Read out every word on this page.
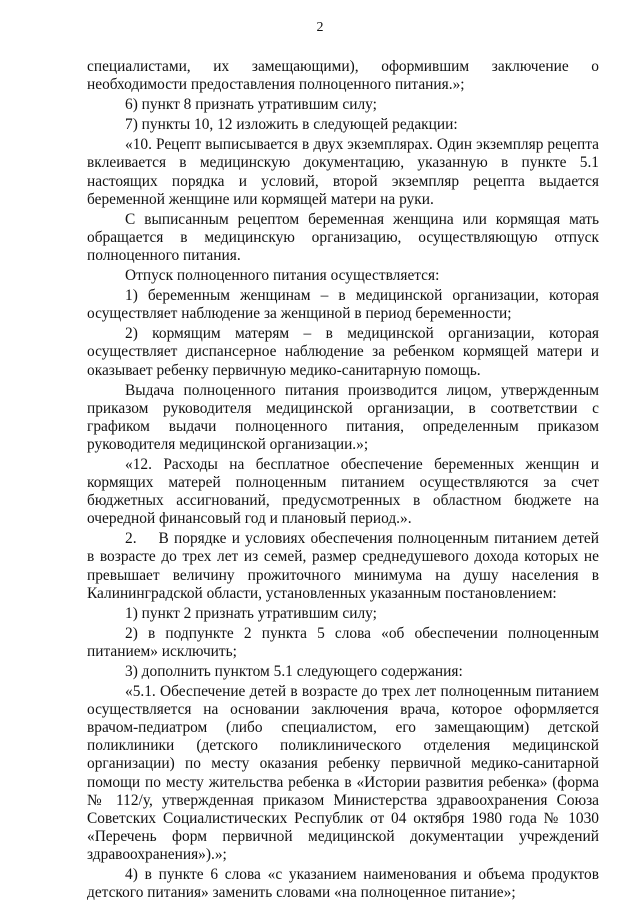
2

специалистами, их замещающими), оформившим заключение о необходимости предоставления полноценного питания.»;

6) пункт 8 признать утратившим силу;

7) пункты 10, 12 изложить в следующей редакции:

«10. Рецепт выписывается в двух экземплярах. Один экземпляр рецепта вклеивается в медицинскую документацию, указанную в пункте 5.1 настоящих порядка и условий, второй экземпляр рецепта выдается беременной женщине или кормящей матери на руки.

С выписанным рецептом беременная женщина или кормящая мать обращается в медицинскую организацию, осуществляющую отпуск полноценного питания.

Отпуск полноценного питания осуществляется:

1) беременным женщинам – в медицинской организации, которая осуществляет наблюдение за женщиной в период беременности;

2) кормящим матерям – в медицинской организации, которая осуществляет диспансерное наблюдение за ребенком кормящей матери и оказывает ребенку первичную медико-санитарную помощь.

Выдача полноценного питания производится лицом, утвержденным приказом руководителя медицинской организации, в соответствии с графиком выдачи полноценного питания, определенным приказом руководителя медицинской организации.»;

«12. Расходы на бесплатное обеспечение беременных женщин и кормящих матерей полноценным питанием осуществляются за счет бюджетных ассигнований, предусмотренных в областном бюджете на очередной финансовый год и плановый период.».

2. В порядке и условиях обеспечения полноценным питанием детей в возрасте до трех лет из семей, размер среднедушевого дохода которых не превышает величину прожиточного минимума на душу населения в Калининградской области, установленных указанным постановлением:

1) пункт 2 признать утратившим силу;

2) в подпункте 2 пункта 5 слова «об обеспечении полноценным питанием» исключить;

3) дополнить пунктом 5.1 следующего содержания:

«5.1. Обеспечение детей в возрасте до трех лет полноценным питанием осуществляется на основании заключения врача, которое оформляется врачом-педиатром (либо специалистом, его замещающим) детской поликлиники (детского поликлинического отделения медицинской организации) по месту оказания ребенку первичной медико-санитарной помощи по месту жительства ребенка в «Истории развития ребенка» (форма № 112/у, утвержденная приказом Министерства здравоохранения Союза Советских Социалистических Республик от 04 октября 1980 года № 1030 «Перечень форм первичной медицинской документации учреждений здравоохранения»).»;

4) в пункте 6 слова «с указанием наименования и объема продуктов детского питания» заменить словами «на полноценное питание»;
